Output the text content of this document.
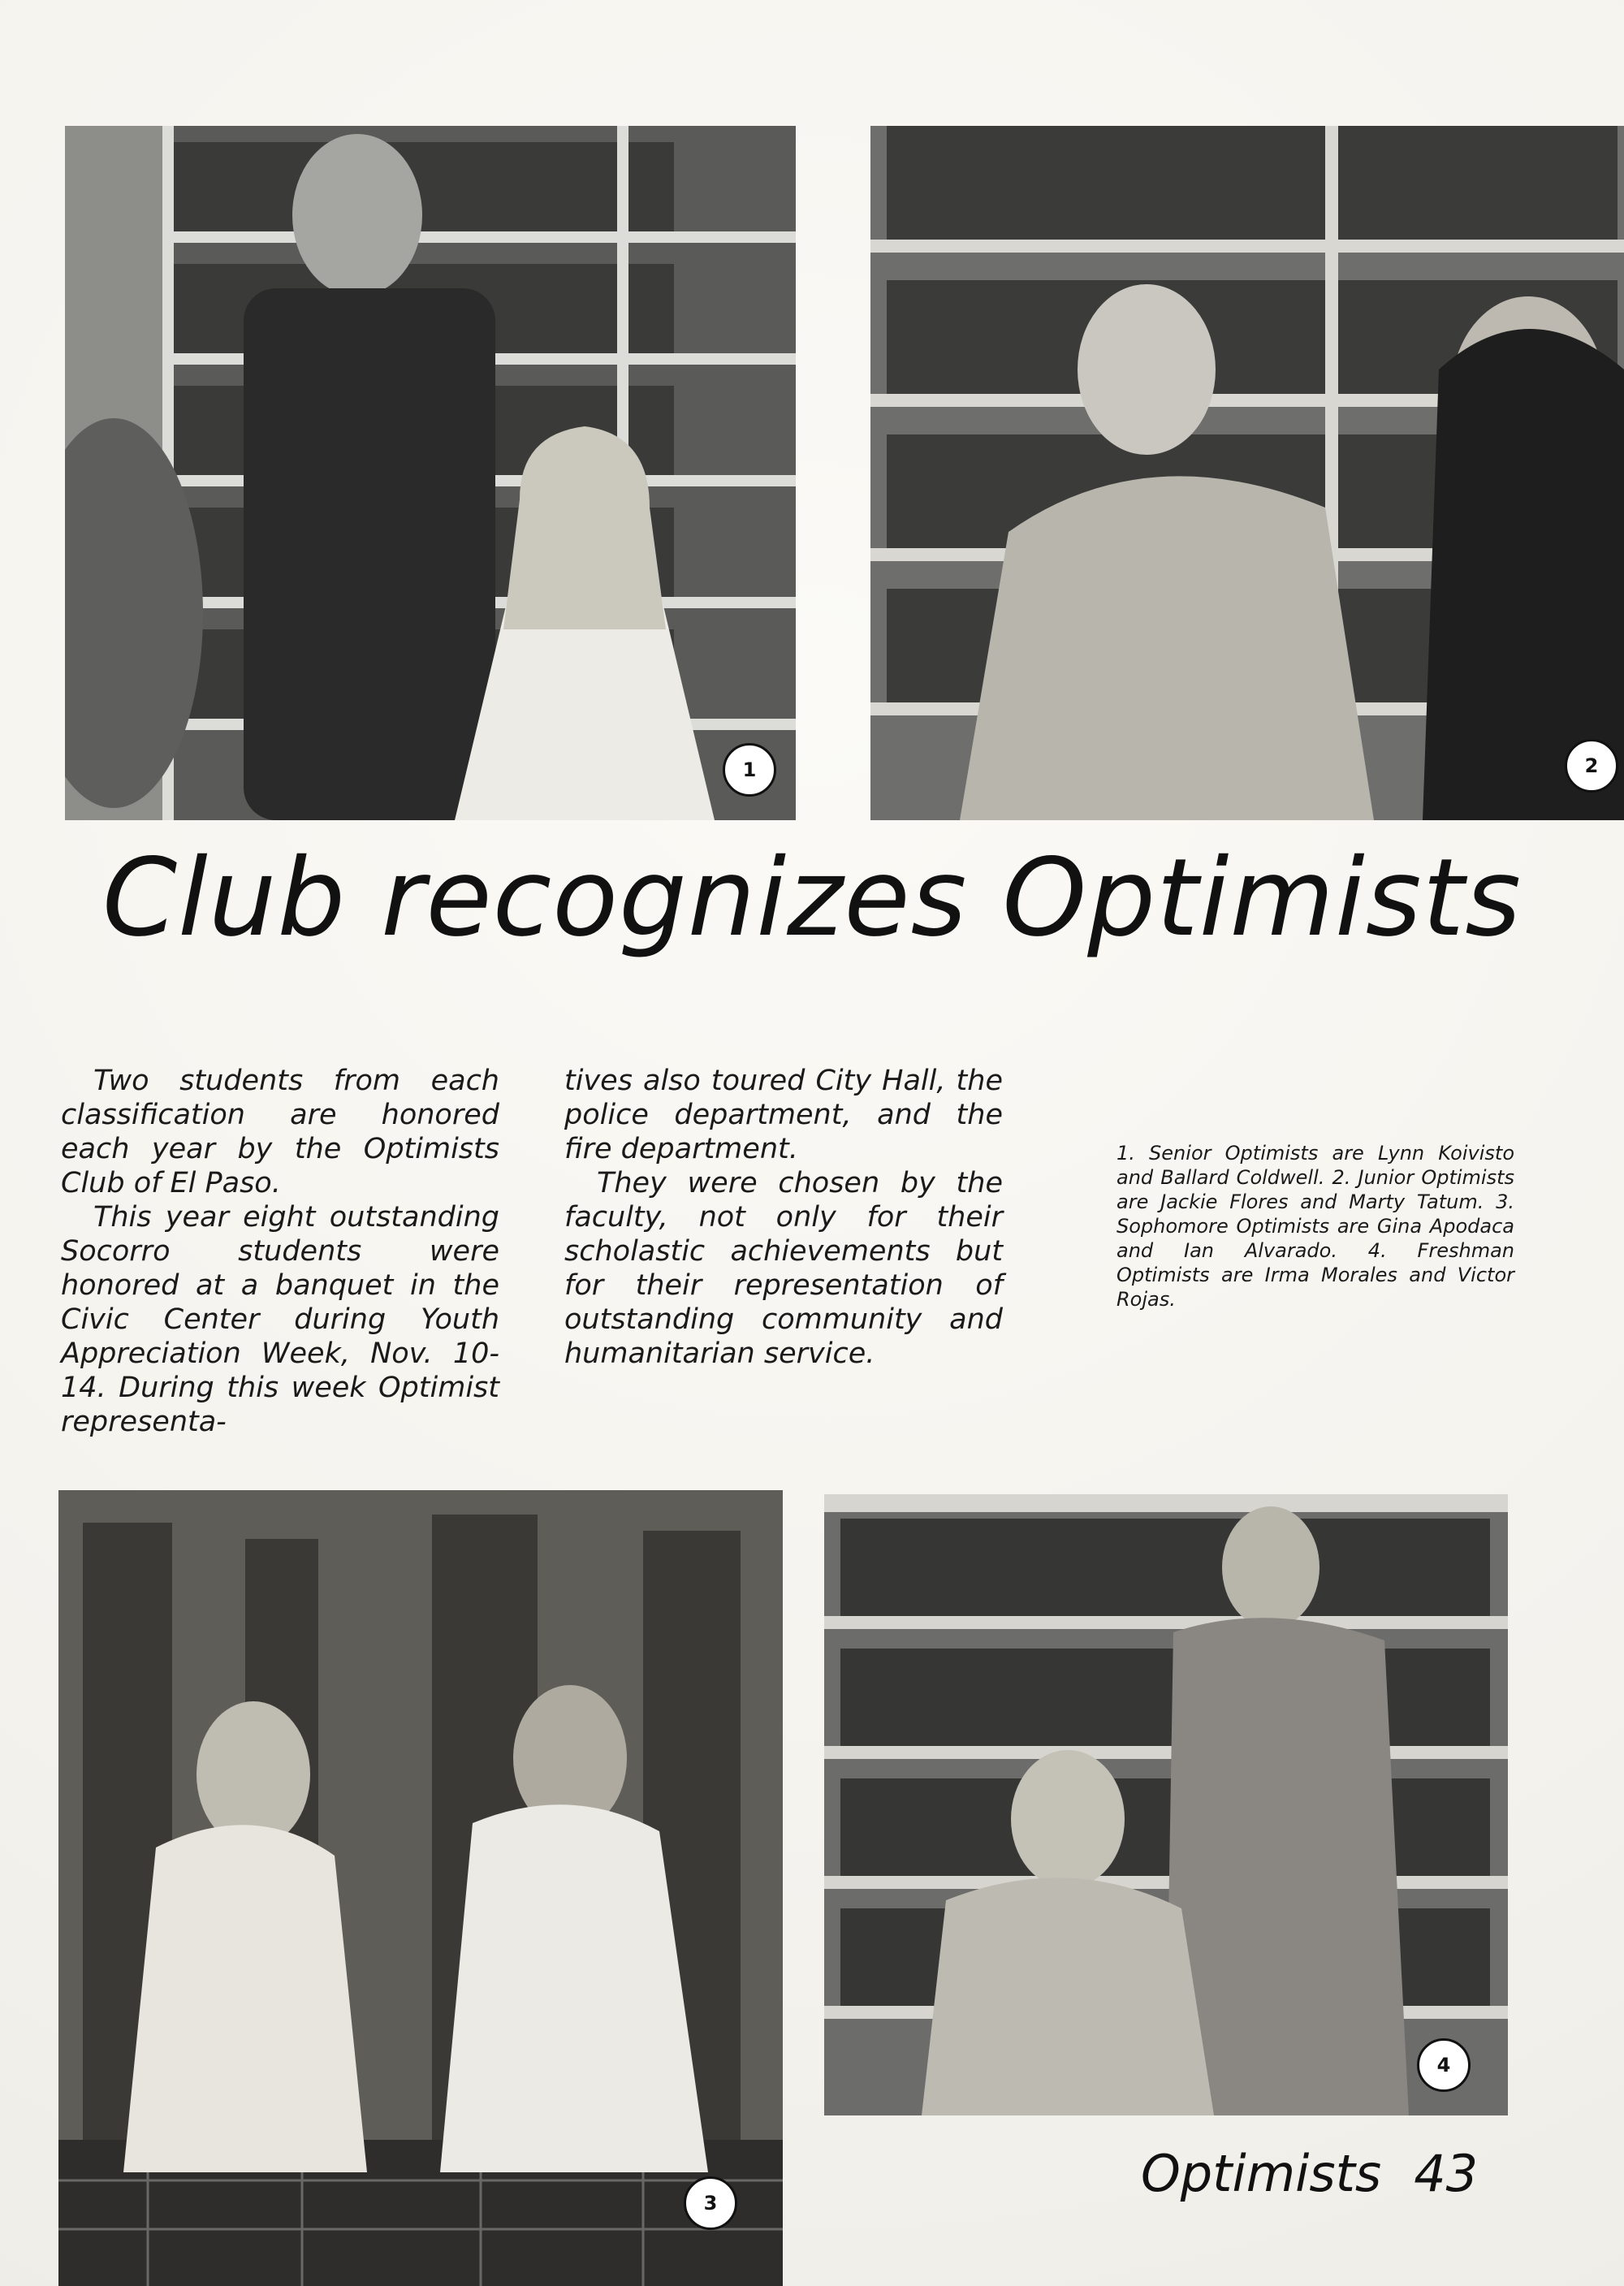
1	2
Club recognizes Optimists

Two students from each classification are honored each year by the Optimists Club of El Paso.

This year eight outstanding Socorro students were honored at a banquet in the Civic Center during Youth Appreciation Week, Nov. 10-14. During this week Optimist representa-

tives also toured City Hall, the police department, and the fire department.

They were chosen by the faculty, not only for their scholastic achievements but for their representation of outstanding community and humanitarian service.

1. Senior Optimists are Lynn Koivisto and Ballard Coldwell. 2. Junior Optimists are Jackie Flores and Marty Tatum. 3. Sophomore Optimists are Gina Apodaca and Ian Alvarado. 4. Freshman Optimists are Irma Morales and Victor Rojas.

3
4
Optimists 43
